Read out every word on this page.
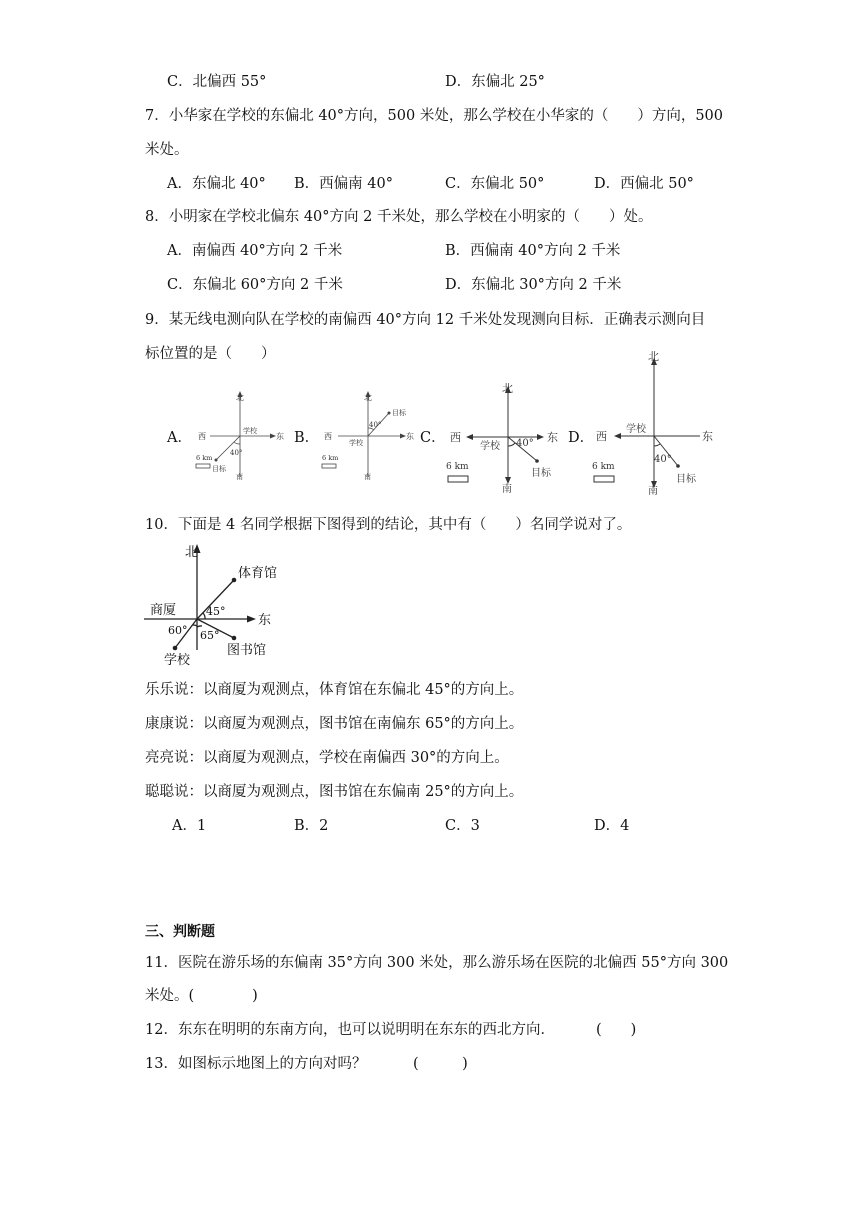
C．北偏西 55°	D．东偏北 25°
7．小华家在学校的东偏北 40°方向，500 米处，那么学校在小华家的（　　）方向，500
米处。
A．东偏北 40° B．西偏南 40°	C．东偏北 50°	D．西偏北 50°
8．小明家在学校北偏东 40°方向 2 千米处，那么学校在小明家的（　　）处。
A．南偏西 40°方向 2 千米	B．西偏南 40°方向 2 千米
C．东偏北 60°方向 2 千米	D．东偏北 30°方向 2 千米
9．某无线电测向队在学校的南偏西 40°方向 12 千米处发现测向目标．正确表示测向目
标位置的是（　　）
A．	B．	C．	D．
北
西	东
学校
40°
6 km
目标
南
北
西	东
学校
40°
目标
6 km
南
北
西	东
学校 40°
目标
6 km
南
北
西	东
学校
40°
目标
6 km
南
10．下面是 4 名同学根据下图得到的结论，其中有（　　）名同学说对了。
北
东
商厦
体育馆
图书馆
学校
45°
60° 65°
乐乐说：以商厦为观测点，体育馆在东偏北 45°的方向上。
康康说：以商厦为观测点，图书馆在南偏东 65°的方向上。
亮亮说：以商厦为观测点，学校在南偏西 30°的方向上。
聪聪说：以商厦为观测点，图书馆在东偏南 25°的方向上。
A．1	B．2	C．3	D．4
三、判断题
11．医院在游乐场的东偏南 35°方向 300 米处，那么游乐场在医院的北偏西 55°方向 300
米处。(　　　　)
12．东东在明明的东南方向，也可以说明明在东东的西北方向．	(　　)
13．如图标示地图上的方向对吗？	(　　　)
